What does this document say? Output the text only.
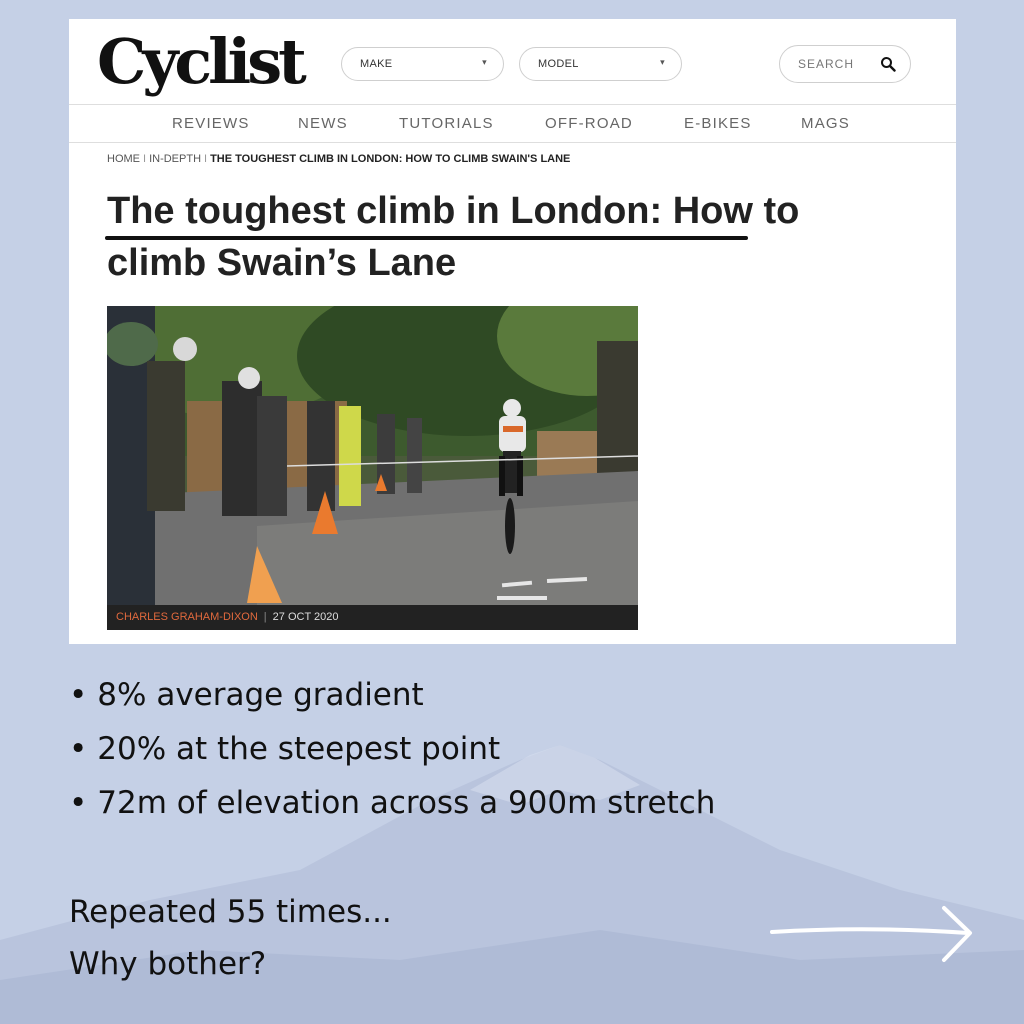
Cyclist	MAKE	▾	MODEL	▾	SEARCH
REVIEWS	NEWS	TUTORIALS	OFF-ROAD	E-BIKES	MAGS
HOME I IN-DEPTH I THE TOUGHEST CLIMB IN LONDON: HOW TO CLIMB SWAIN'S LANE
The toughest climb in London: How to
climb Swain’s Lane
CHARLES GRAHAM-DIXON | 27 OCT 2020
• 8% average gradient
• 20% at the steepest point
• 72m of elevation across a 900m stretch
Repeated 55 times...
Why bother?
